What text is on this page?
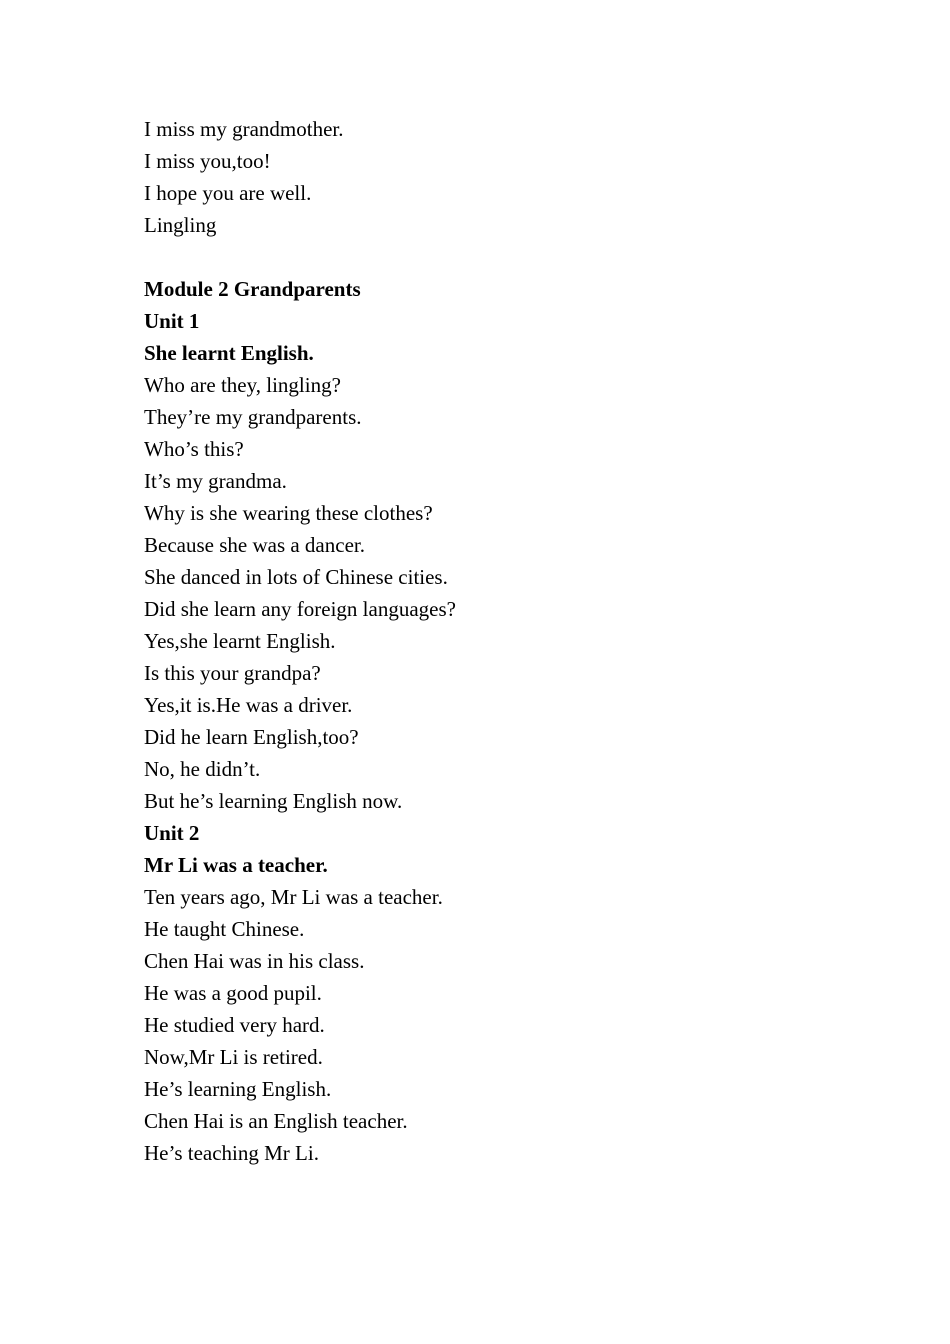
I miss my grandmother.
I miss you,too!
I hope you are well.
Lingling
Module 2 Grandparents
Unit 1
She learnt English.
Who are they, lingling?
They’re my grandparents.
Who’s this?
It’s my grandma.
Why is she wearing these clothes?
Because she was a dancer.
She danced in lots of Chinese cities.
Did she learn any foreign languages?
Yes,she learnt English.
Is this your grandpa?
Yes,it is.He was a driver.
Did he learn English,too?
No, he didn’t.
But he’s learning English now.
Unit 2
Mr Li was a teacher.
Ten years ago, Mr Li was a teacher.
He taught Chinese.
Chen Hai was in his class.
He was a good pupil.
He studied very hard.
Now,Mr Li is retired.
He’s learning English.
Chen Hai is an English teacher.
He’s teaching Mr Li.
